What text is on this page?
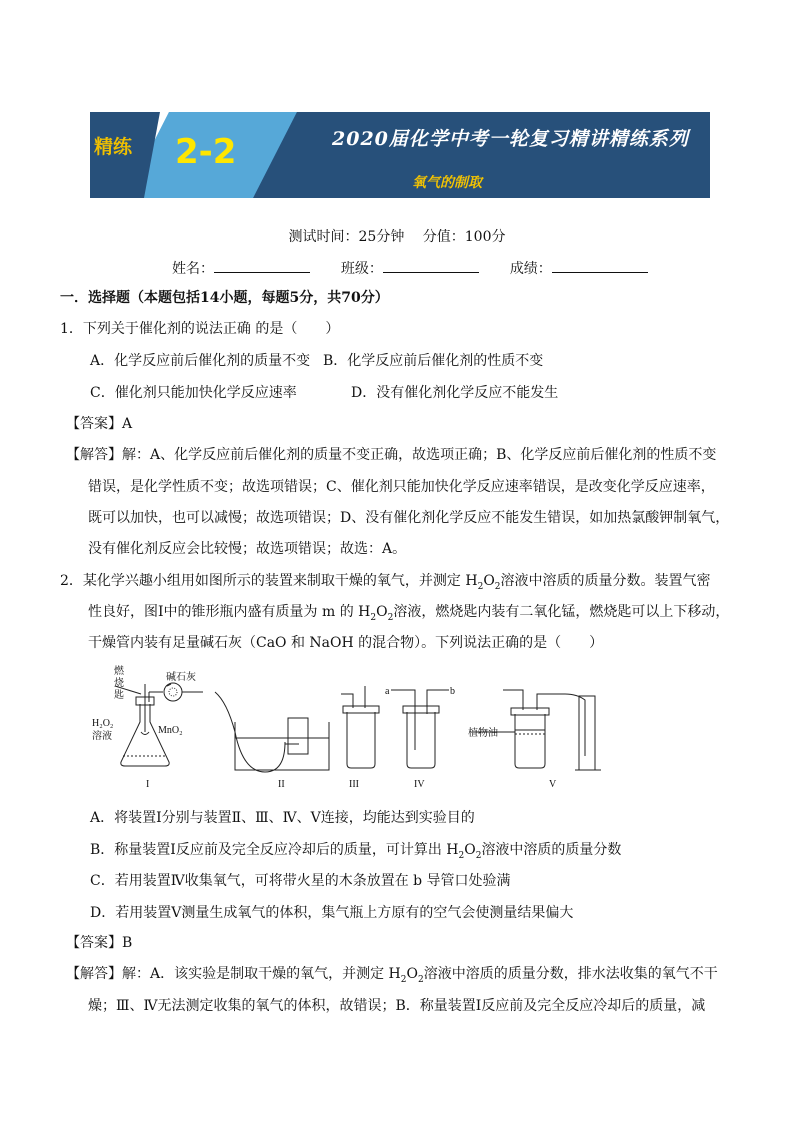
精练 2-2	2020届化学中考一轮复习精讲精练系列
氧气的制取
测试时间：25分钟　 分值：100分
姓名：	班级：	成绩：
一．选择题（本题包括14小题，每题5分，共70分）
1．下列关于催化剂的说法正确 的是（　　）
A．化学反应前后催化剂的质量不变 B．化学反应前后催化剂的性质不变
C．催化剂只能加快化学反应速率	D．没有催化剂化学反应不能发生
【答案】A
【解答】解：A、化学反应前后催化剂的质量不变正确，故选项正确；B、化学反应前后催化剂的性质不变
错误，是化学性质不变；故选项错误；C、催化剂只能加快化学反应速率错误，是改变化学反应速率，
既可以加快，也可以减慢；故选项错误；D、没有催化剂化学反应不能发生错误，如加热氯酸钾制氧气，
没有催化剂反应会比较慢；故选项错误；故选：A。
2．某化学兴趣小组用如图所示的装置来制取干燥的氧气，并测定 $H_2O_2$溶液中溶质的质量分数。装置气密
性良好，图Ⅰ中的锥形瓶内盛有质量为 m 的 $H_2O_2$溶液，燃烧匙内装有二氧化锰，燃烧匙可以上下移动，
干燥管内装有足量碱石灰（CaO 和 NaOH 的混合物）。下列说法正确的是（　　）
燃烧匙
碱石灰
H₂O₂溶液
MnO₂
a	b
植物油
I	II	III	IV	V
A．将装置Ⅰ分别与装置Ⅱ、Ⅲ、Ⅳ、Ⅴ连接，均能达到实验目的
B．称量装置Ⅰ反应前及完全反应冷却后的质量，可计算出 $H_2O_2$溶液中溶质的质量分数
C．若用装置Ⅳ收集氧气，可将带火星的木条放置在 b 导管口处验满
D．若用装置Ⅴ测量生成氧气的体积，集气瓶上方原有的空气会使测量结果偏大
【答案】B
【解答】解：A．该实验是制取干燥的氧气，并测定 $H_2O_2$溶液中溶质的质量分数，排水法收集的氧气不干
燥；Ⅲ、Ⅳ无法测定收集的氧气的体积，故错误；B．称量装置Ⅰ反应前及完全反应冷却后的质量，减
